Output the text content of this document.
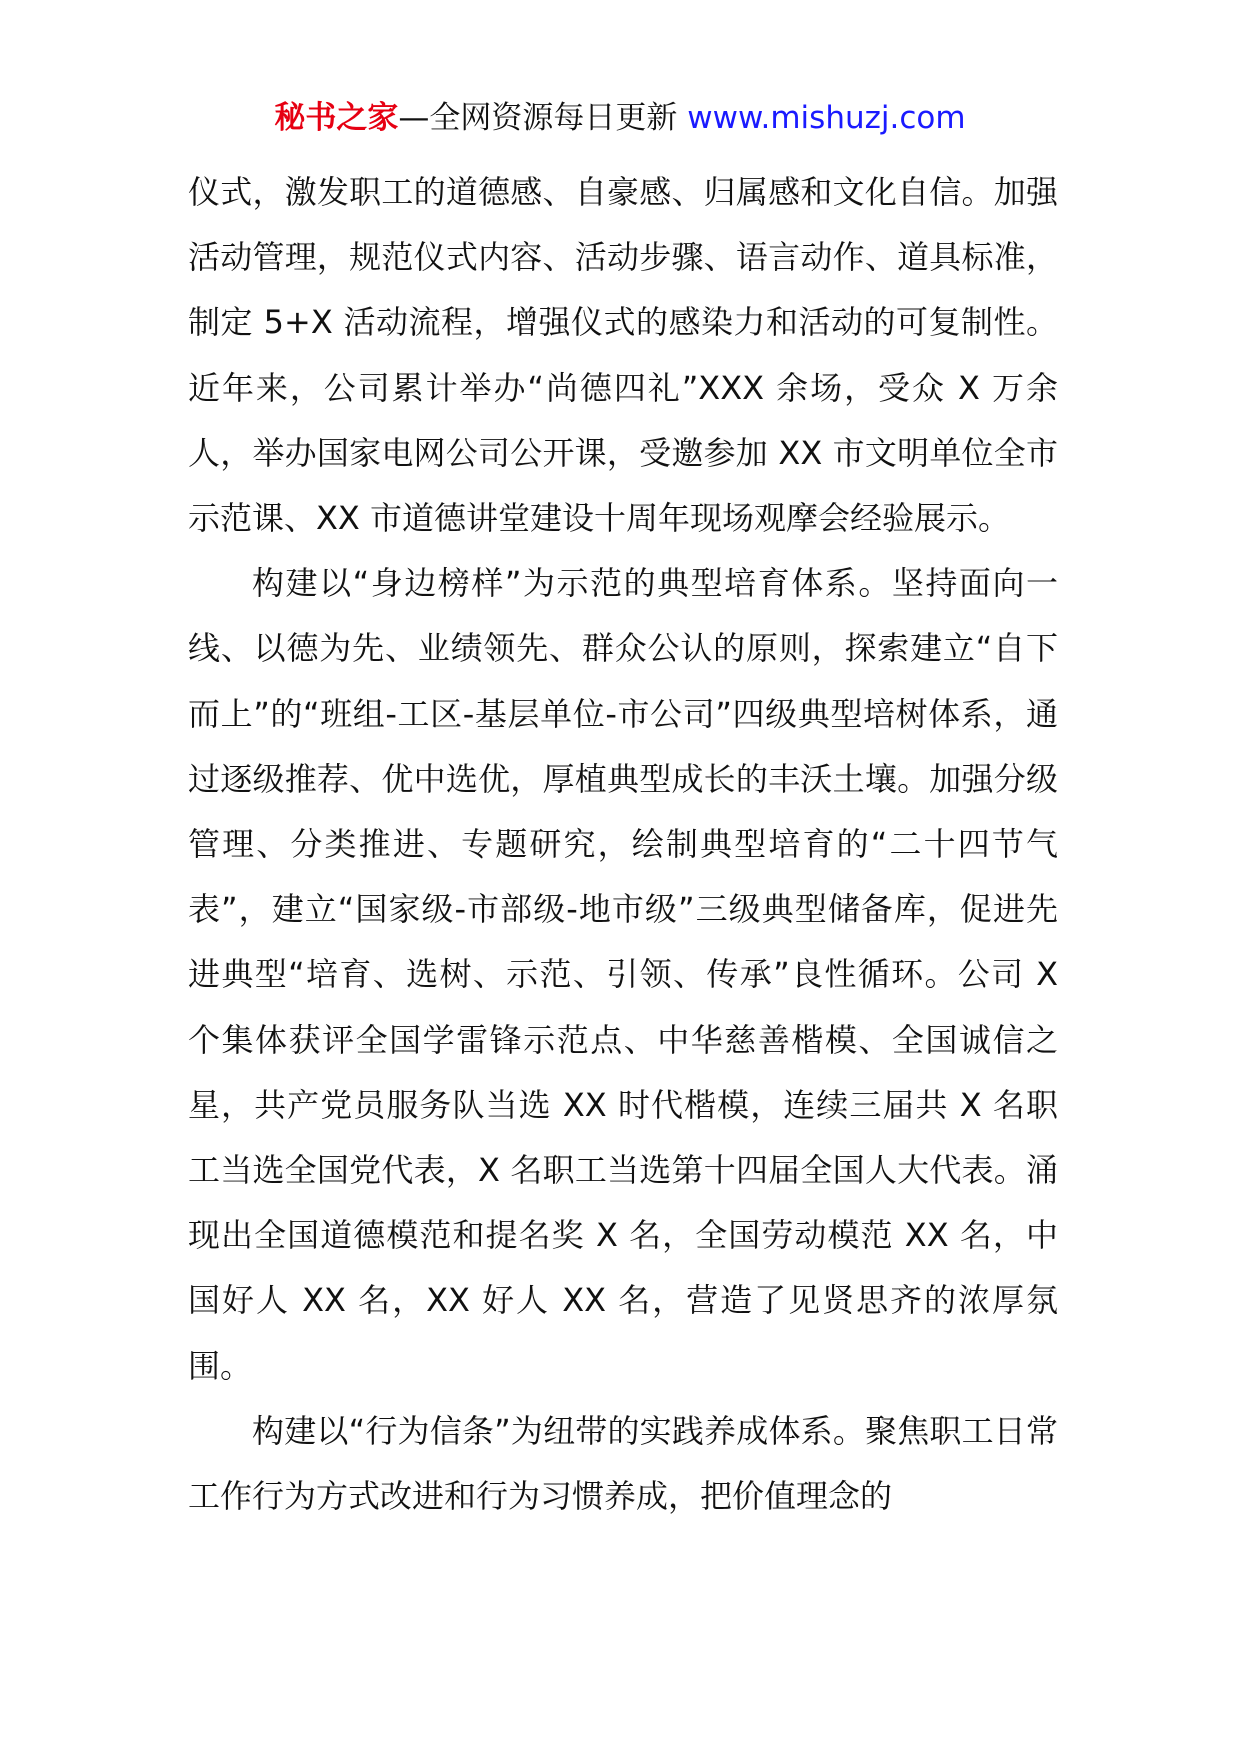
秘书之家—全网资源每日更新 www.mishuzj.com

仪式，激发职工的道德感、自豪感、归属感和文化自信。加强活动管理，规范仪式内容、活动步骤、语言动作、道具标准，制定 5+X 活动流程，增强仪式的感染力和活动的可复制性。近年来，公司累计举办“尚德四礼”XXX 余场，受众 X 万余人，举办国家电网公司公开课，受邀参加 XX 市文明单位全市示范课、XX 市道德讲堂建设十周年现场观摩会经验展示。

构建以“身边榜样”为示范的典型培育体系。坚持面向一线、以德为先、业绩领先、群众公认的原则，探索建立“自下而上”的“班组-工区-基层单位-市公司”四级典型培树体系，通过逐级推荐、优中选优，厚植典型成长的丰沃土壤。加强分级管理、分类推进、专题研究，绘制典型培育的“二十四节气表”，建立“国家级-市部级-地市级”三级典型储备库，促进先进典型“培育、选树、示范、引领、传承”良性循环。公司 X 个集体获评全国学雷锋示范点、中华慈善楷模、全国诚信之星，共产党员服务队当选 XX 时代楷模，连续三届共 X 名职工当选全国党代表，X 名职工当选第十四届全国人大代表。涌现出全国道德模范和提名奖 X 名，全国劳动模范 XX 名，中国好人 XX 名，XX 好人 XX 名，营造了见贤思齐的浓厚氛围。

构建以“行为信条”为纽带的实践养成体系。聚焦职工日常工作行为方式改进和行为习惯养成，把价值理念的
